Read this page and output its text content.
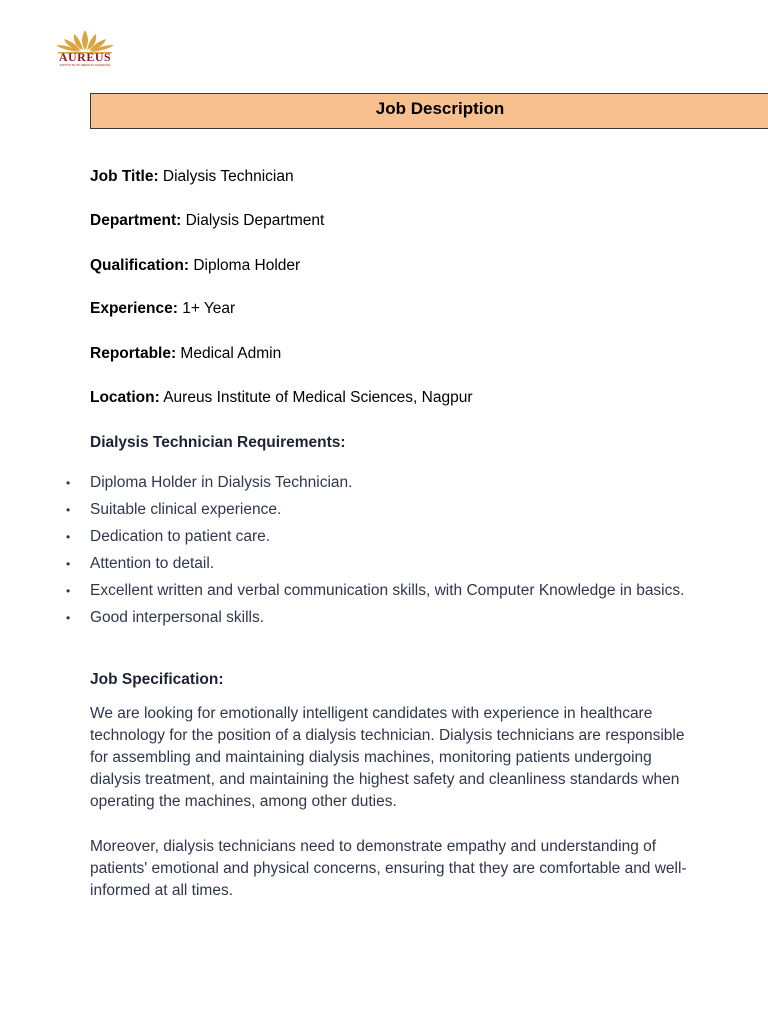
AUREUS
INSTITUTE OF MEDICAL SCIENCES
Job Description
Job Title: Dialysis Technician
Department: Dialysis Department
Qualification: Diploma Holder
Experience: 1+ Year
Reportable: Medical Admin
Location: Aureus Institute of Medical Sciences, Nagpur
Dialysis Technician Requirements:
• Diploma Holder in Dialysis Technician.
• Suitable clinical experience.
• Dedication to patient care.
• Attention to detail.
• Excellent written and verbal communication skills, with Computer Knowledge in basics.
• Good interpersonal skills.
Job Specification:
We are looking for emotionally intelligent candidates with experience in healthcare technology for the position of a dialysis technician. Dialysis technicians are responsible for assembling and maintaining dialysis machines, monitoring patients undergoing dialysis treatment, and maintaining the highest safety and cleanliness standards when operating the machines, among other duties.
Moreover, dialysis technicians need to demonstrate empathy and understanding of patients' emotional and physical concerns, ensuring that they are comfortable and well-informed at all times.
